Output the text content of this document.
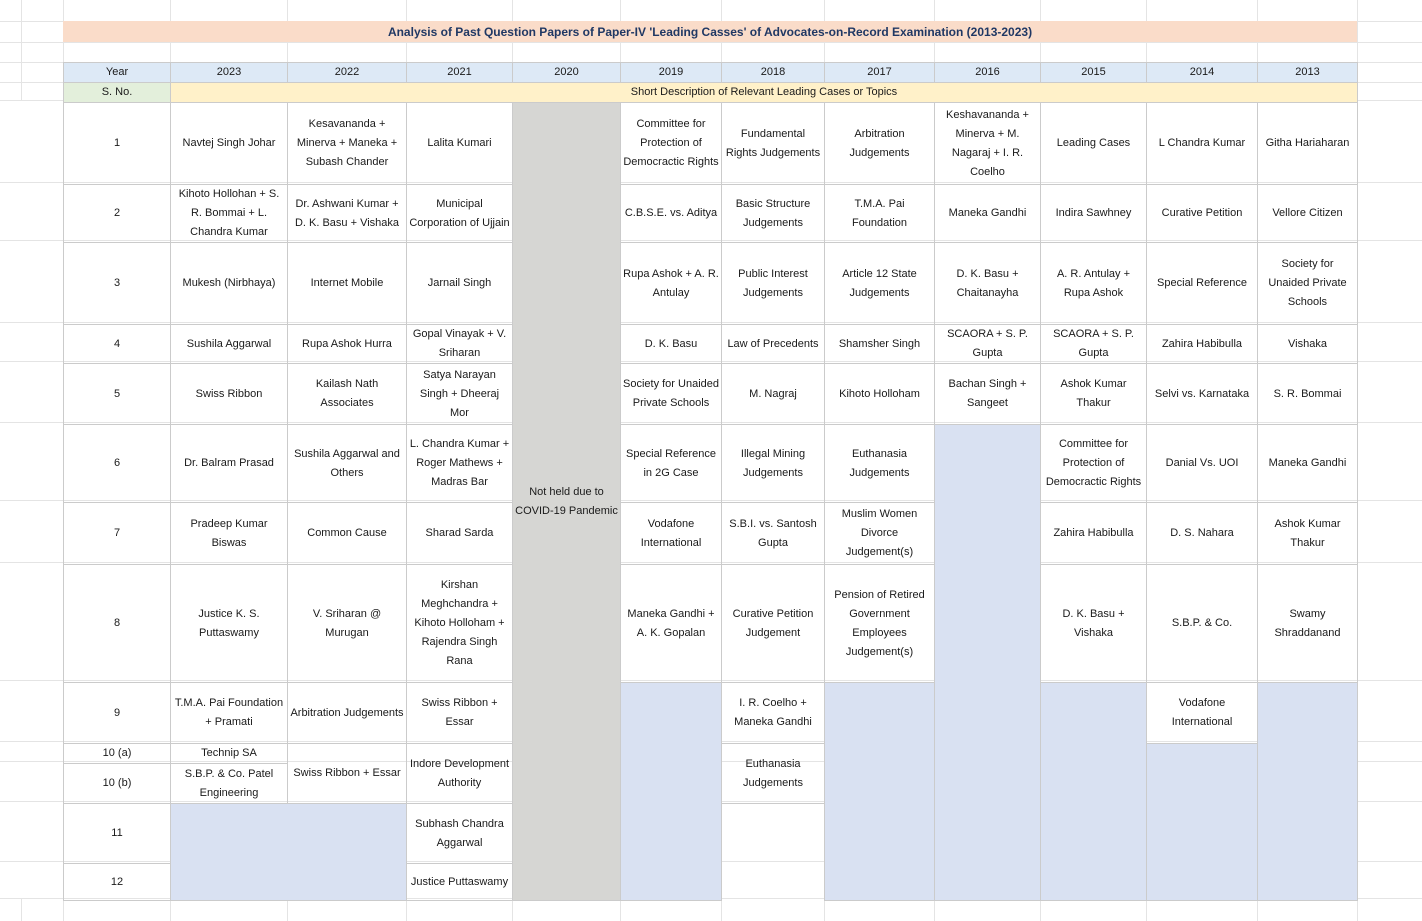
Analysis of Past Question Papers of Paper-IV 'Leading Casses' of Advocates-on-Record Examination (2013-2023)
Year	2023	2022	2021	2020	2019	2018	2017	2016	2015	2014	2013
S. No.	Short Description of Relevant Leading Cases or Topics										
1	Navtej Singh Johar	Kesavananda + Minerva + Maneka + Subash Chander	Lalita Kumari	Not held due to COVID-19 Pandemic	Committee for Protection of Democractic Rights	Fundamental Rights Judgements	Arbitration Judgements	Keshavananda + Minerva + M. Nagaraj + I. R. Coelho	Leading Cases	L Chandra Kumar	Githa Hariaharan
2	Kihoto Hollohan + S. R. Bommai + L. Chandra Kumar	Dr. Ashwani Kumar + D. K. Basu + Vishaka	Municipal Corporation of Ujjain		C.B.S.E. vs. Aditya	Basic Structure Judgements	T.M.A. Pai Foundation	Maneka Gandhi	Indira Sawhney	Curative Petition	Vellore Citizen
3	Mukesh (Nirbhaya)	Internet Mobile	Jarnail Singh		Rupa Ashok + A. R. Antulay	Public Interest Judgements	Article 12 State Judgements	D. K. Basu + Chaitanayha	A. R. Antulay + Rupa Ashok	Special Reference	Society for Unaided Private Schools
4	Sushila Aggarwal	Rupa Ashok Hurra	Gopal Vinayak + V. Sriharan		D. K. Basu	Law of Precedents	Shamsher Singh	SCAORA + S. P. Gupta	SCAORA + S. P. Gupta	Zahira Habibulla	Vishaka
5	Swiss Ribbon	Kailash Nath Associates	Satya Narayan Singh + Dheeraj Mor		Society for Unaided Private Schools	M. Nagraj	Kihoto Holloham	Bachan Singh + Sangeet	Ashok Kumar Thakur	Selvi vs. Karnataka	S. R. Bommai
6	Dr. Balram Prasad	Sushila Aggarwal and Others	L. Chandra Kumar + Roger Mathews + Madras Bar		Special Reference in 2G Case	Illegal Mining Judgements	Euthanasia Judgements		Committee for Protection of Democractic Rights	Danial Vs. UOI	Maneka Gandhi
7	Pradeep Kumar Biswas	Common Cause	Sharad Sarda		Vodafone International	S.B.I. vs. Santosh Gupta	Muslim Women Divorce Judgement(s)		Zahira Habibulla	D. S. Nahara	Ashok Kumar Thakur
8	Justice K. S. Puttaswamy	V. Sriharan @ Murugan	Kirshan Meghchandra + Kihoto Holloham + Rajendra Singh Rana		Maneka Gandhi + A. K. Gopalan	Curative Petition Judgement	Pension of Retired Government Employees Judgement(s)		D. K. Basu + Vishaka	S.B.P. & Co.	Swamy Shraddanand
9	T.M.A. Pai Foundation + Pramati	Arbitration Judgements	Swiss Ribbon + Essar			I. R. Coelho + Maneka Gandhi				Vodafone International	
10 (a)	Technip SA	Swiss Ribbon + Essar	Indore Development Authority			Euthanasia Judgements					
10 (b)	S.B.P. & Co. Patel Engineering										
11			Subhash Chandra Aggarwal								
12			Justice Puttaswamy								
